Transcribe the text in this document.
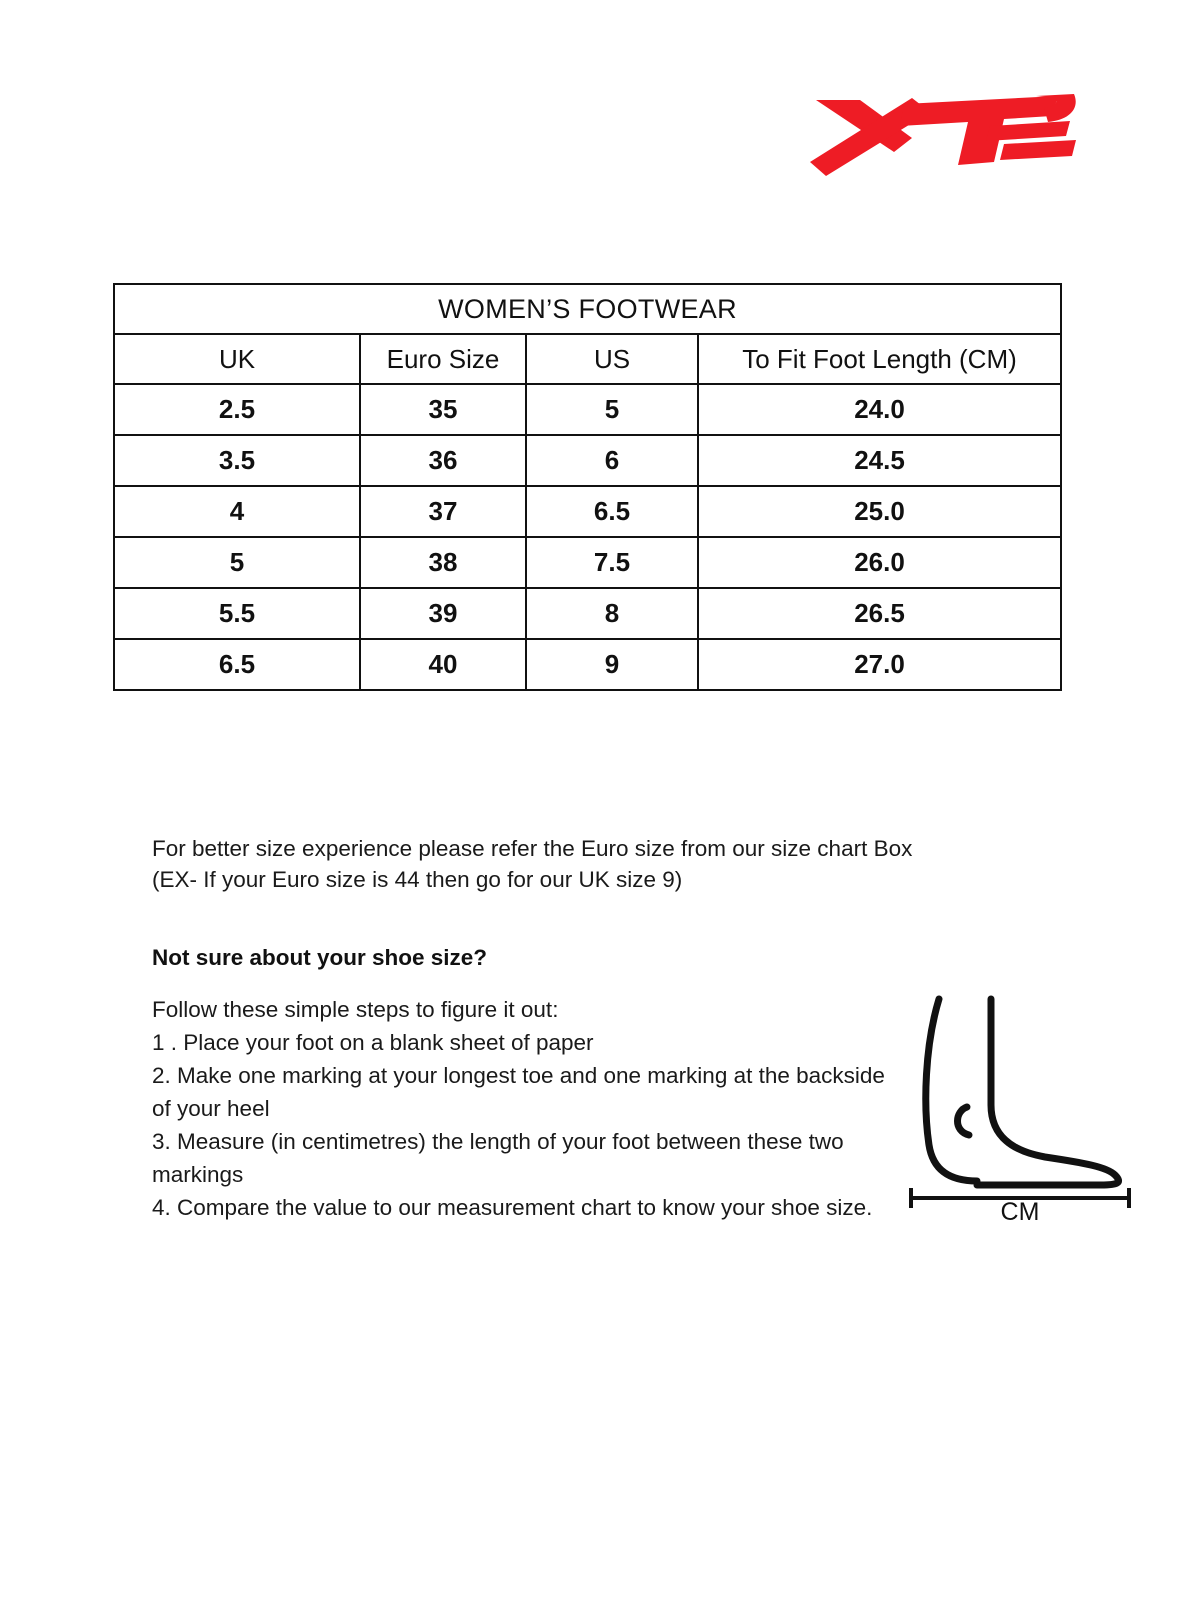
WOMEN’S FOOTWEAR			
UK	Euro Size	US	To Fit Foot Length (CM)
2.5	35	5	24.0
3.5	36	6	24.5
4	37	6.5	25.0
5	38	7.5	26.0
5.5	39	8	26.5
6.5	40	9	27.0
For better size experience please refer the Euro size from our size chart Box
(EX- If your Euro size is 44 then go for our UK size 9)
Not sure about your shoe size?
Follow these simple steps to figure it out:
1 . Place your foot on a blank sheet of paper
2. Make one marking at your longest toe and one marking at the backside of your heel
3. Measure (in centimetres) the length of your foot between these two markings
4. Compare the value to our measurement chart to know your shoe size.	CM
